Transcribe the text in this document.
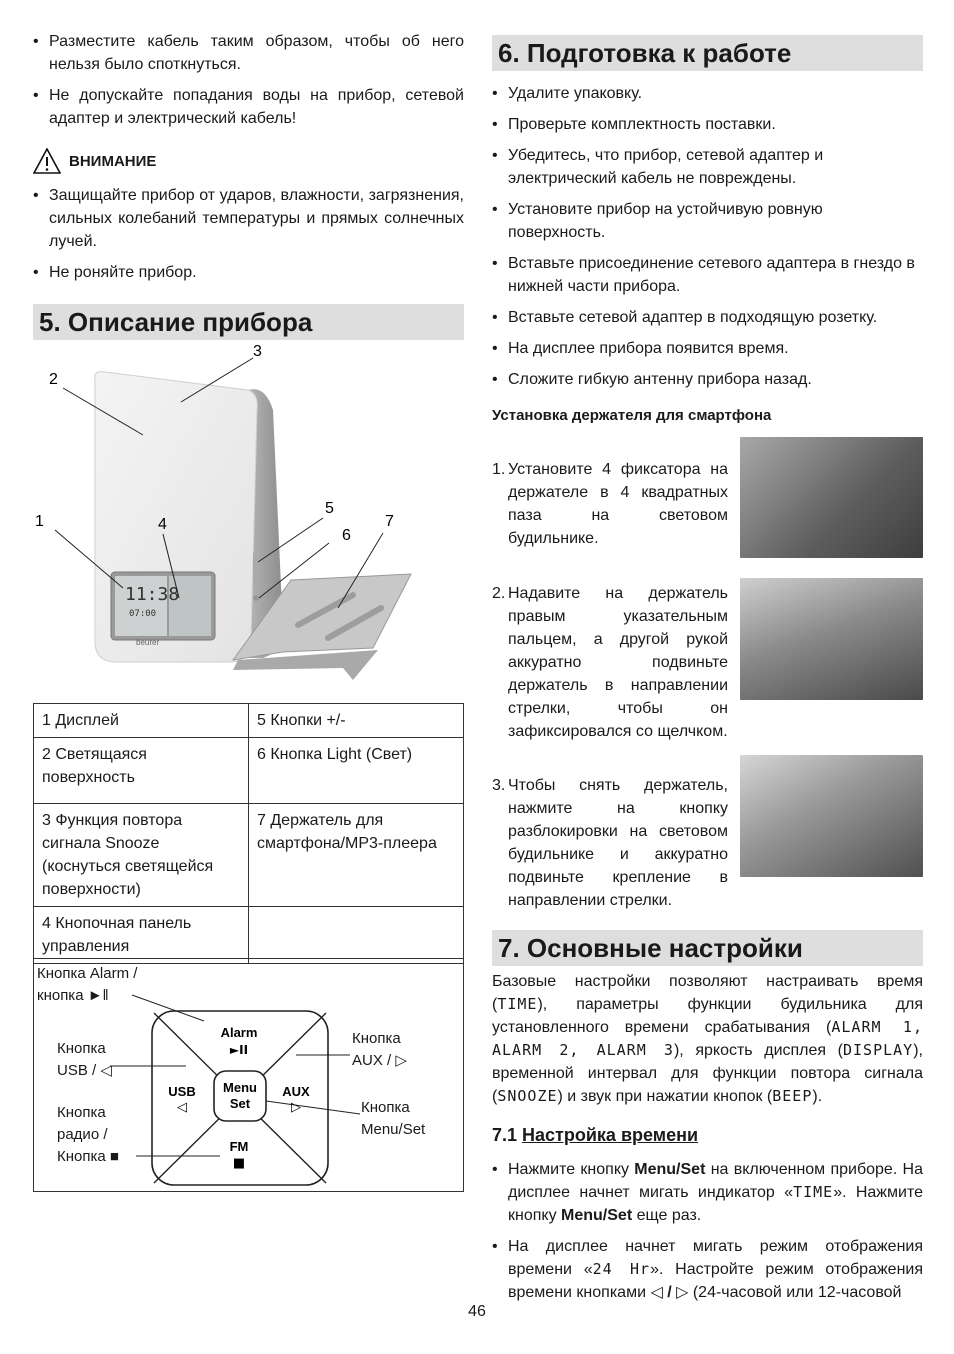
• Разместите кабель таким образом, чтобы об него нельзя было споткнуться.
• Не допускайте попадания воды на прибор, сетевой адаптер и электрический кабель!
ВНИМАНИЕ
• Защищайте прибор от ударов, влажности, загрязнения, сильных колебаний температуры и прямых солнечных лучей.
• Не роняйте прибор.
5. Описание прибора
11:38
07:00
beurer
1
2
3
4
5
6
7
1 Дисплей	5 Кнопки +/-
2 Светящаяся поверхность	6 Кнопка Light (Свет)
3 Функция повтора сигнала Snooze (коснуться светящейся поверхности)	7 Держатель для смартфона/MP3-плеера
4 Кнопочная панель управления	
Кнопка Alarm / кнопка ►‖
Кнопка USB / ◁
Кнопка радио / Кнопка ■
Кнопка AUX / ▷
Кнопка Menu/Set
Alarm
►II
USB
◁
AUX
▷
Menu
Set
FM
■
6. Подготовка к работе
• Удалите упаковку.
• Проверьте комплектность поставки.
• Убедитесь, что прибор, сетевой адаптер и электрический кабель не повреждены.
• Установите прибор на устойчивую ровную поверхность.
• Вставьте присоединение сетевого адаптера в гнездо в нижней части прибора.
• Вставьте сетевой адаптер в подходящую розетку.
• На дисплее прибора появится время.
• Сложите гибкую антенну прибора назад.

Установка держателя для смартфона

1. Установите 4 фиксатора на держателе в 4 квадратных паза на световом будильнике.
2. Надавите на держатель правым указательным пальцем, а другой рукой аккуратно подвиньте держатель в направлении стрелки, чтобы он зафиксировался со щелчком.
3. Чтобы снять держатель, нажмите на кнопку разблокировки на световом будильнике и аккуратно подвиньте крепление в направлении стрелки.
7. Основные настройки
Базовые настройки позволяют настраивать время (TIME), параметры функции будильника для установленного времени срабатывания (ALARM 1, ALARM 2, ALARM 3), яркость дисплея (DISPLAY), временной интервал для функции повтора сигнала (SNOOZE) и звук при нажатии кнопок (BEEP).

7.1 Настройка времени

• Нажмите кнопку Menu/Set на включенном приборе. На дисплее начнет мигать индикатор «TIME». Нажмите кнопку Menu/Set еще раз.
• На дисплее начнет мигать режим отображения времени «24 Hr». Настройте режим отображения времени кнопками ◁ / ▷ (24-часовой или 12-часовой
46
